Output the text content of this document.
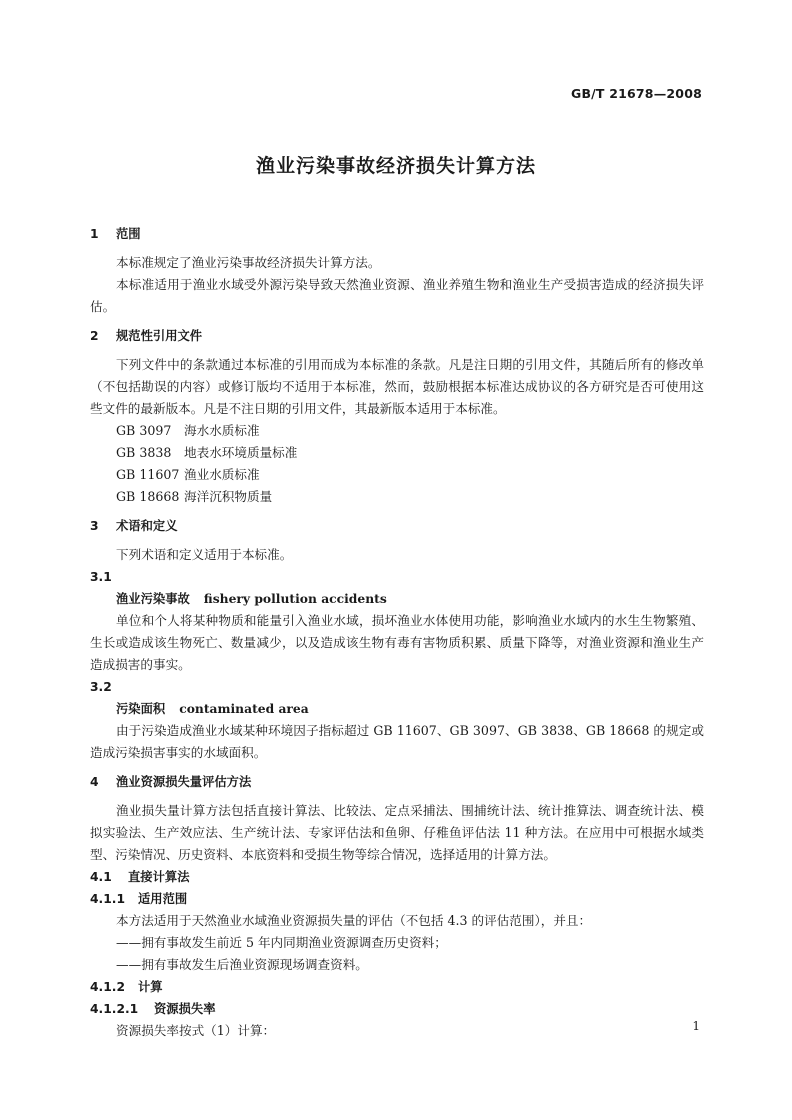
GB/T 21678—2008
渔业污染事故经济损失计算方法

1 范围

本标准规定了渔业污染事故经济损失计算方法。

本标准适用于渔业水域受外源污染导致天然渔业资源、渔业养殖生物和渔业生产受损害造成的经济损失评估。

2 规范性引用文件

下列文件中的条款通过本标准的引用而成为本标准的条款。凡是注日期的引用文件，其随后所有的修改单（不包括勘误的内容）或修订版均不适用于本标准，然而，鼓励根据本标准达成协议的各方研究是否可使用这些文件的最新版本。凡是不注日期的引用文件，其最新版本适用于本标准。

GB 3097 海水水质标准

GB 3838 地表水环境质量标准

GB 11607 渔业水质标准

GB 18668 海洋沉积物质量

3 术语和定义

下列术语和定义适用于本标准。

3.1

渔业污染事故 fishery pollution accidents

单位和个人将某种物质和能量引入渔业水域，损坏渔业水体使用功能，影响渔业水域内的水生生物繁殖、生长或造成该生物死亡、数量减少，以及造成该生物有毒有害物质积累、质量下降等，对渔业资源和渔业生产造成损害的事实。

3.2

污染面积 contaminated area

由于污染造成渔业水域某种环境因子指标超过 GB 11607、GB 3097、GB 3838、GB 18668 的规定或造成污染损害事实的水域面积。

4 渔业资源损失量评估方法

渔业损失量计算方法包括直接计算法、比较法、定点采捕法、围捕统计法、统计推算法、调查统计法、模拟实验法、生产效应法、生产统计法、专家评估法和鱼卵、仔稚鱼评估法 11 种方法。在应用中可根据水域类型、污染情况、历史资料、本底资料和受损生物等综合情况，选择适用的计算方法。

4.1 直接计算法

4.1.1 适用范围

本方法适用于天然渔业水域渔业资源损失量的评估（不包括 4.3 的评估范围），并且：

——拥有事故发生前近 5 年内同期渔业资源调查历史资料；

——拥有事故发生后渔业资源现场调查资料。

4.1.2 计算

4.1.2.1 资源损失率

资源损失率按式（1）计算：	1
